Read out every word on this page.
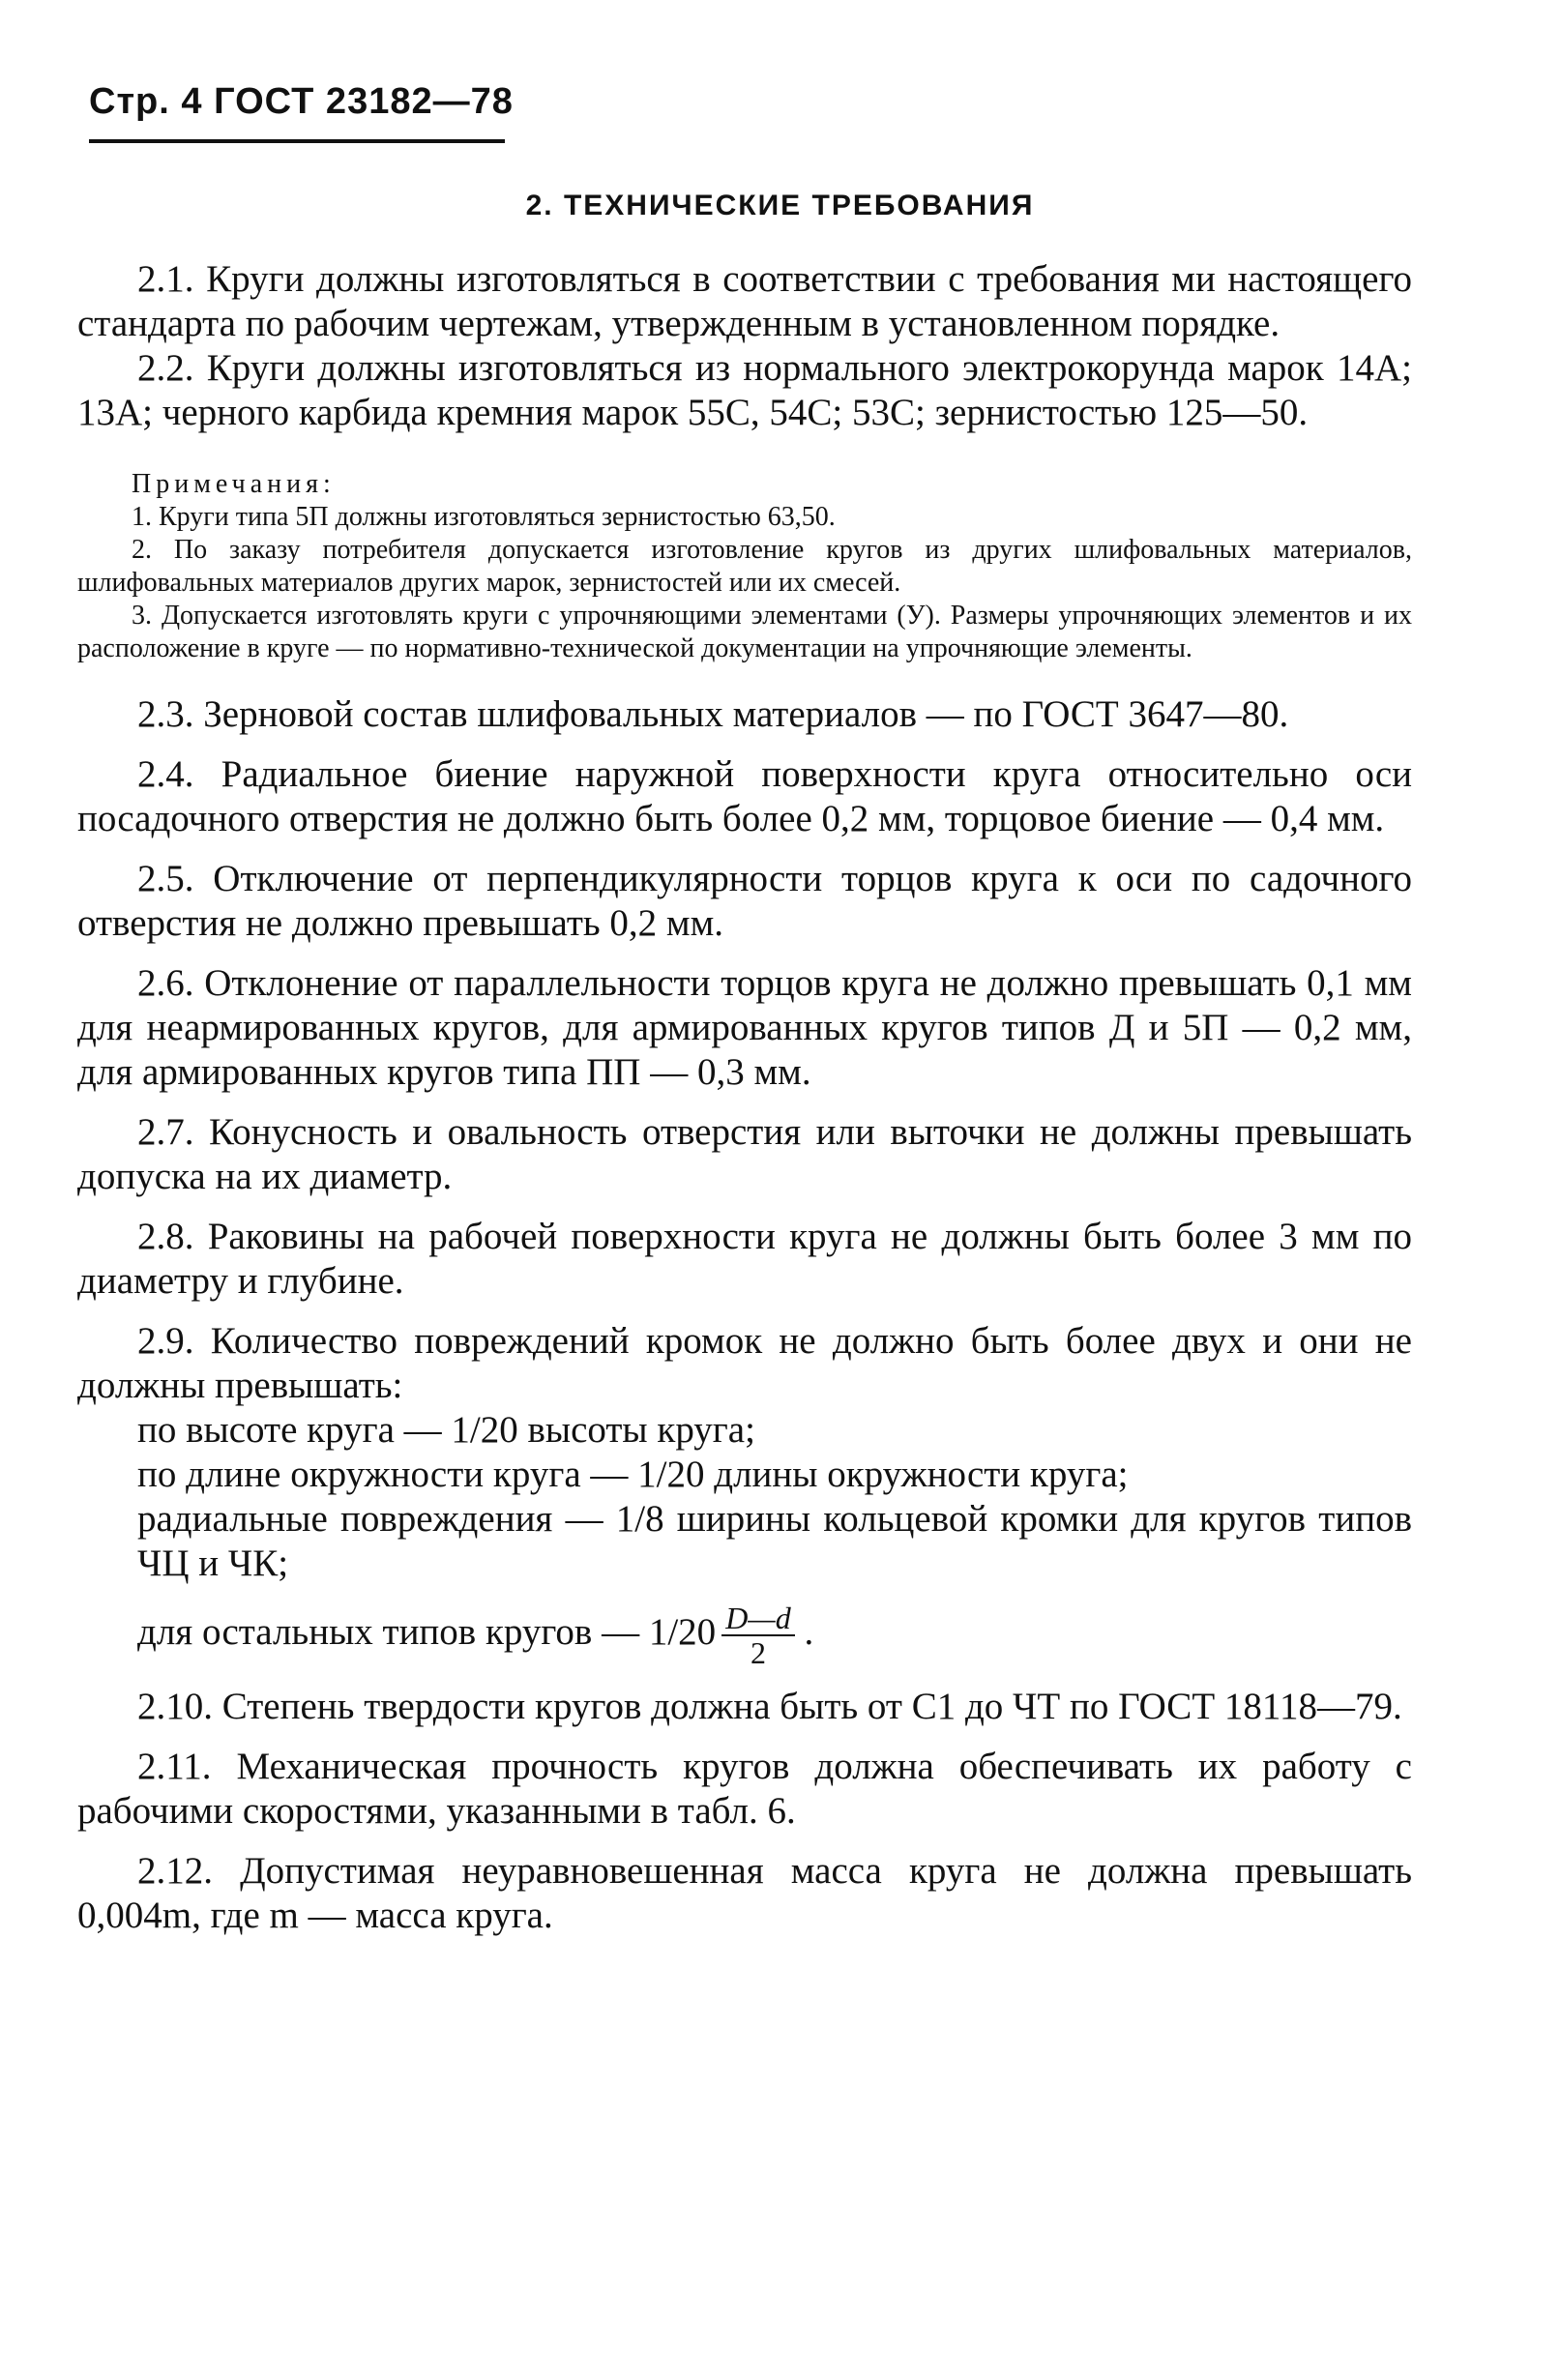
Стр. 4 ГОСТ 23182—78
2. ТЕХНИЧЕСКИЕ ТРЕБОВАНИЯ

2.1. Круги должны изготовляться в соответствии с требования ми настоящего стандарта по рабочим чертежам, утвержденным в установленном порядке.

2.2. Круги должны изготовляться из нормального электрокорунда марок 14А; 13А; черного карбида кремния марок 55С, 54С; 53С; зернистостью 125—50.

Примечания:

1. Круги типа 5П должны изготовляться зернистостью 63,50.

2. По заказу потребителя допускается изготовление кругов из других шлифовальных материалов, шлифовальных материалов других марок, зернистостей или их смесей.

3. Допускается изготовлять круги с упрочняющими элементами (У). Размеры упрочняющих элементов и их расположение в круге — по нормативно-технической документации на упрочняющие элементы.

2.3. Зерновой состав шлифовальных материалов — по ГОСТ 3647—80.

2.4. Радиальное биение наружной поверхности круга относительно оси посадочного отверстия не должно быть более 0,2 мм, торцовое биение — 0,4 мм.

2.5. Отключение от перпендикулярности торцов круга к оси по садочного отверстия не должно превышать 0,2 мм.

2.6. Отклонение от параллельности торцов круга не должно превышать 0,1 мм для неармированных кругов, для армированных кругов типов Д и 5П — 0,2 мм, для армированных кругов типа ПП — 0,3 мм.

2.7. Конусность и овальность отверстия или выточки не должны превышать допуска на их диаметр.

2.8. Раковины на рабочей поверхности круга не должны быть более 3 мм по диаметру и глубине.

2.9. Количество повреждений кромок не должно быть более двух и они не должны превышать:

по высоте круга — 1/20 высоты круга;

по длине окружности круга — 1/20 длины окружности круга;

радиальные повреждения — 1/8 ширины кольцевой кромки для кругов типов ЧЦ и ЧК;

для остальных типов кругов — $1/20 \frac{D—d}{2}$ .

2.10. Степень твердости кругов должна быть от С1 до ЧТ по ГОСТ 18118—79.

2.11. Механическая прочность кругов должна обеспечивать их работу с рабочими скоростями, указанными в табл. 6.

2.12. Допустимая неуравновешенная масса круга не должна превышать 0,004m, где m — масса круга.
